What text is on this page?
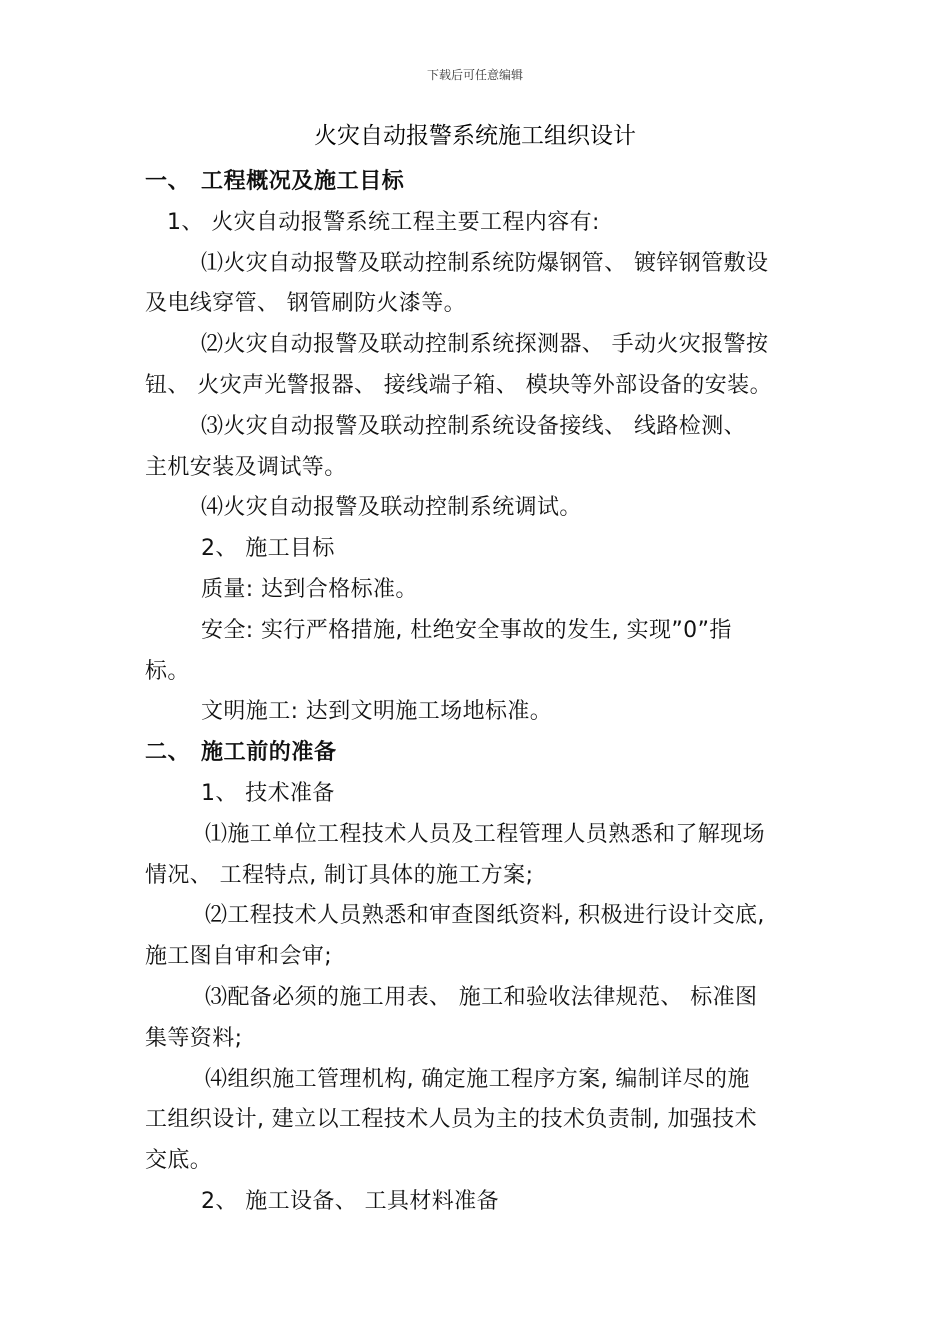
下载后可任意编辑
火灾自动报警系统施工组织设计
一、 工程概况及施工目标
1、 火灾自动报警系统工程主要工程内容有:
⑴火灾自动报警及联动控制系统防爆钢管、 镀锌钢管敷设
及电线穿管、 钢管刷防火漆等。
⑵火灾自动报警及联动控制系统探测器、 手动火灾报警按
钮、 火灾声光警报器、 接线端子箱、 模块等外部设备的安装。
⑶火灾自动报警及联动控制系统设备接线、 线路检测、
主机安装及调试等。
⑷火灾自动报警及联动控制系统调试。
2、 施工目标
质量: 达到合格标准。
安全: 实行严格措施, 杜绝安全事故的发生, 实现”0”指
标。
文明施工: 达到文明施工场地标准。
二、 施工前的准备
1、 技术准备
⑴施工单位工程技术人员及工程管理人员熟悉和了解现场
情况、 工程特点, 制订具体的施工方案;
⑵工程技术人员熟悉和审查图纸资料, 积极进行设计交底,
施工图自审和会审;
⑶配备必须的施工用表、 施工和验收法律规范、 标准图
集等资料;
⑷组织施工管理机构, 确定施工程序方案, 编制详尽的施
工组织设计, 建立以工程技术人员为主的技术负责制, 加强技术
交底。
2、 施工设备、 工具材料准备
